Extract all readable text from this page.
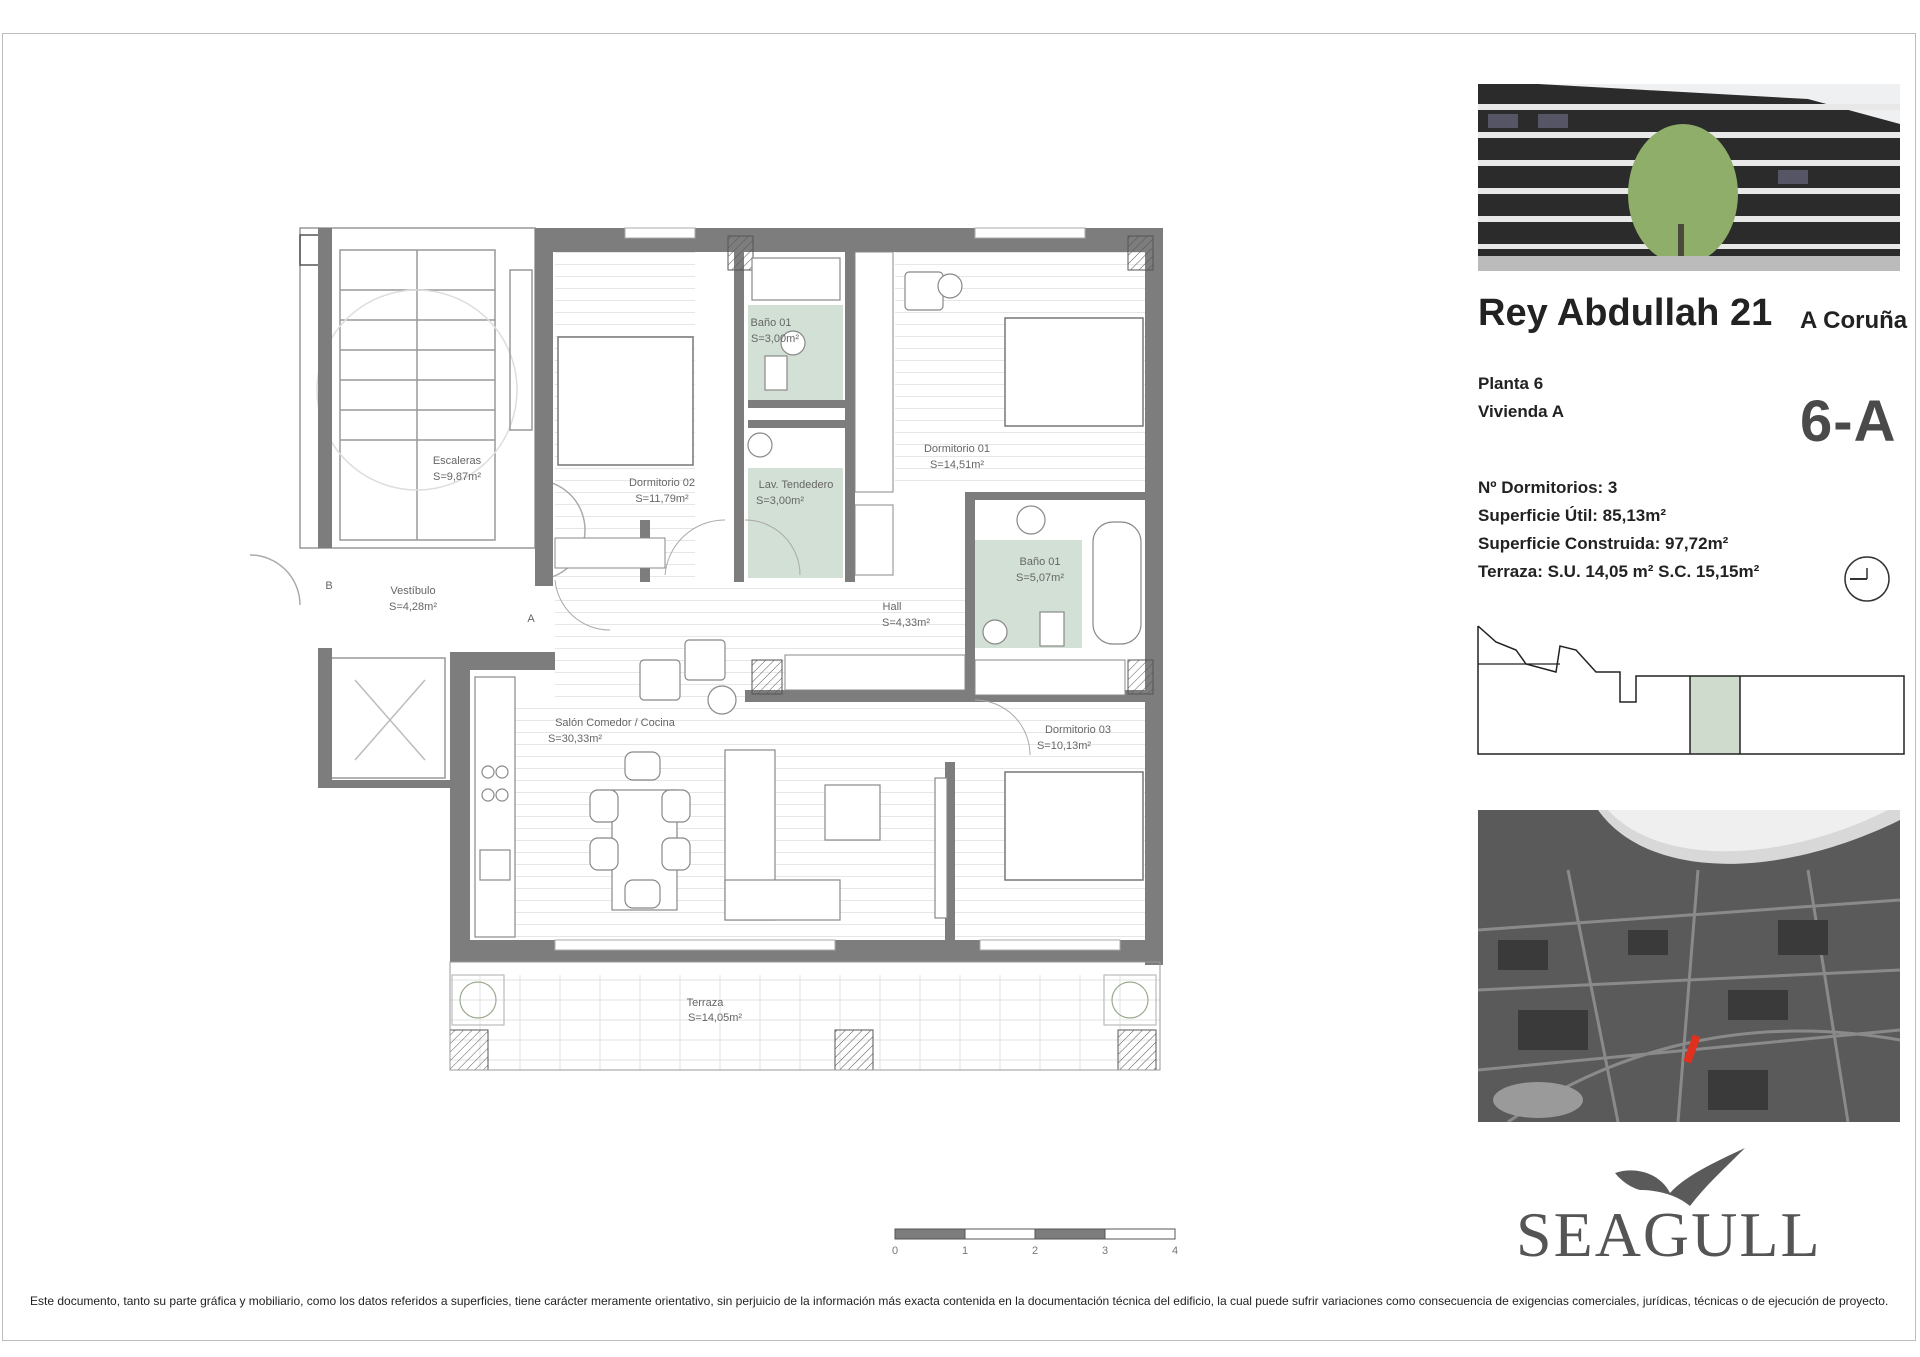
Escaleras
S=9,87m²	Dormitorio 02
S=11,79m²
Baño 01
S=3,00m²
Lav. Tendedero
S=3,00m²
Dormitorio 01
S=14,51m²
Baño 01
S=5,07m²
Vestíbulo
S=4,28m²	Hall
S=4,33m²
Salón Comedor / Cocina
S=30,33m²
Dormitorio 03
S=10,13m²
Terraza
S=14,05m²
B
A
0	1	2	3	4
Rey Abdullah 21 A Coruña
Planta 6
Vivienda A	6-A
Nº Dormitorios: 3
Superficie Útil: 85,13m²
Superficie Construida: 97,72m²
Terraza: S.U. 14,05 m² S.C. 15,15m²
SEAGULL
Este documento, tanto su parte gráfica y mobiliario, como los datos referidos a superficies, tiene carácter meramente orientativo, sin perjuicio de la información más exacta contenida en la documentación técnica del edificio, la cual puede sufrir variaciones como consecuencia de exigencias comerciales, jurídicas, técnicas o de ejecución de proyecto.
